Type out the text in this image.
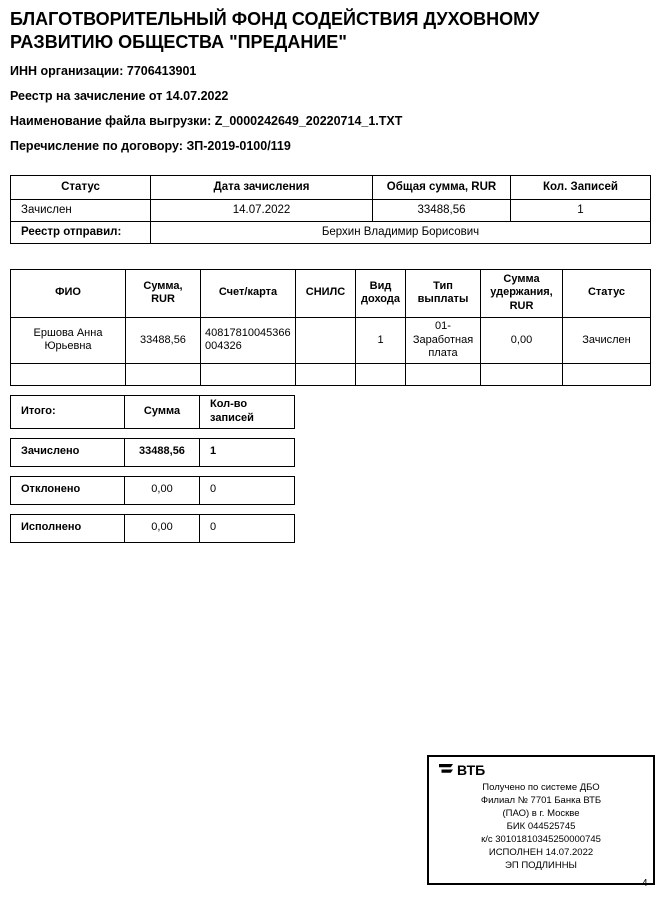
БЛАГОТВОРИТЕЛЬНЫЙ ФОНД СОДЕЙСТВИЯ ДУХОВНОМУ РАЗВИТИЮ ОБЩЕСТВА "ПРЕДАНИЕ"
ИНН организации: 7706413901
Реестр на зачисление от 14.07.2022
Наименование файла выгрузки: Z_0000242649_20220714_1.TXT
Перечисление по договору: ЗП-2019-0100/119
Статус	Дата зачисления	Общая сумма, RUR	Кол. Записей
Зачислен	14.07.2022	33488,56	1
Реестр отправил:	Берхин Владимир Борисович		
ФИО	Сумма, RUR	Счет/карта	СНИЛС	Вид дохода	Тип выплаты	Сумма удержания, RUR	Статус
Ершова Анна Юрьевна	33488,56	40817810045366004326		1	01-Заработная плата	0,00	Зачислен

Итого:	Сумма	Кол-во записей
Зачислено	33488,56	1
Отклонено	0,00	0
Исполнено	0,00	0
ВТБ
Получено по системе ДБО
Филиал № 7701 Банка ВТБ
(ПАО) в г. Москве
БИК 044525745
к/с 30101810345250000745
ИСПОЛНЕН 14.07.2022
ЭП ПОДЛИННЫ
4
